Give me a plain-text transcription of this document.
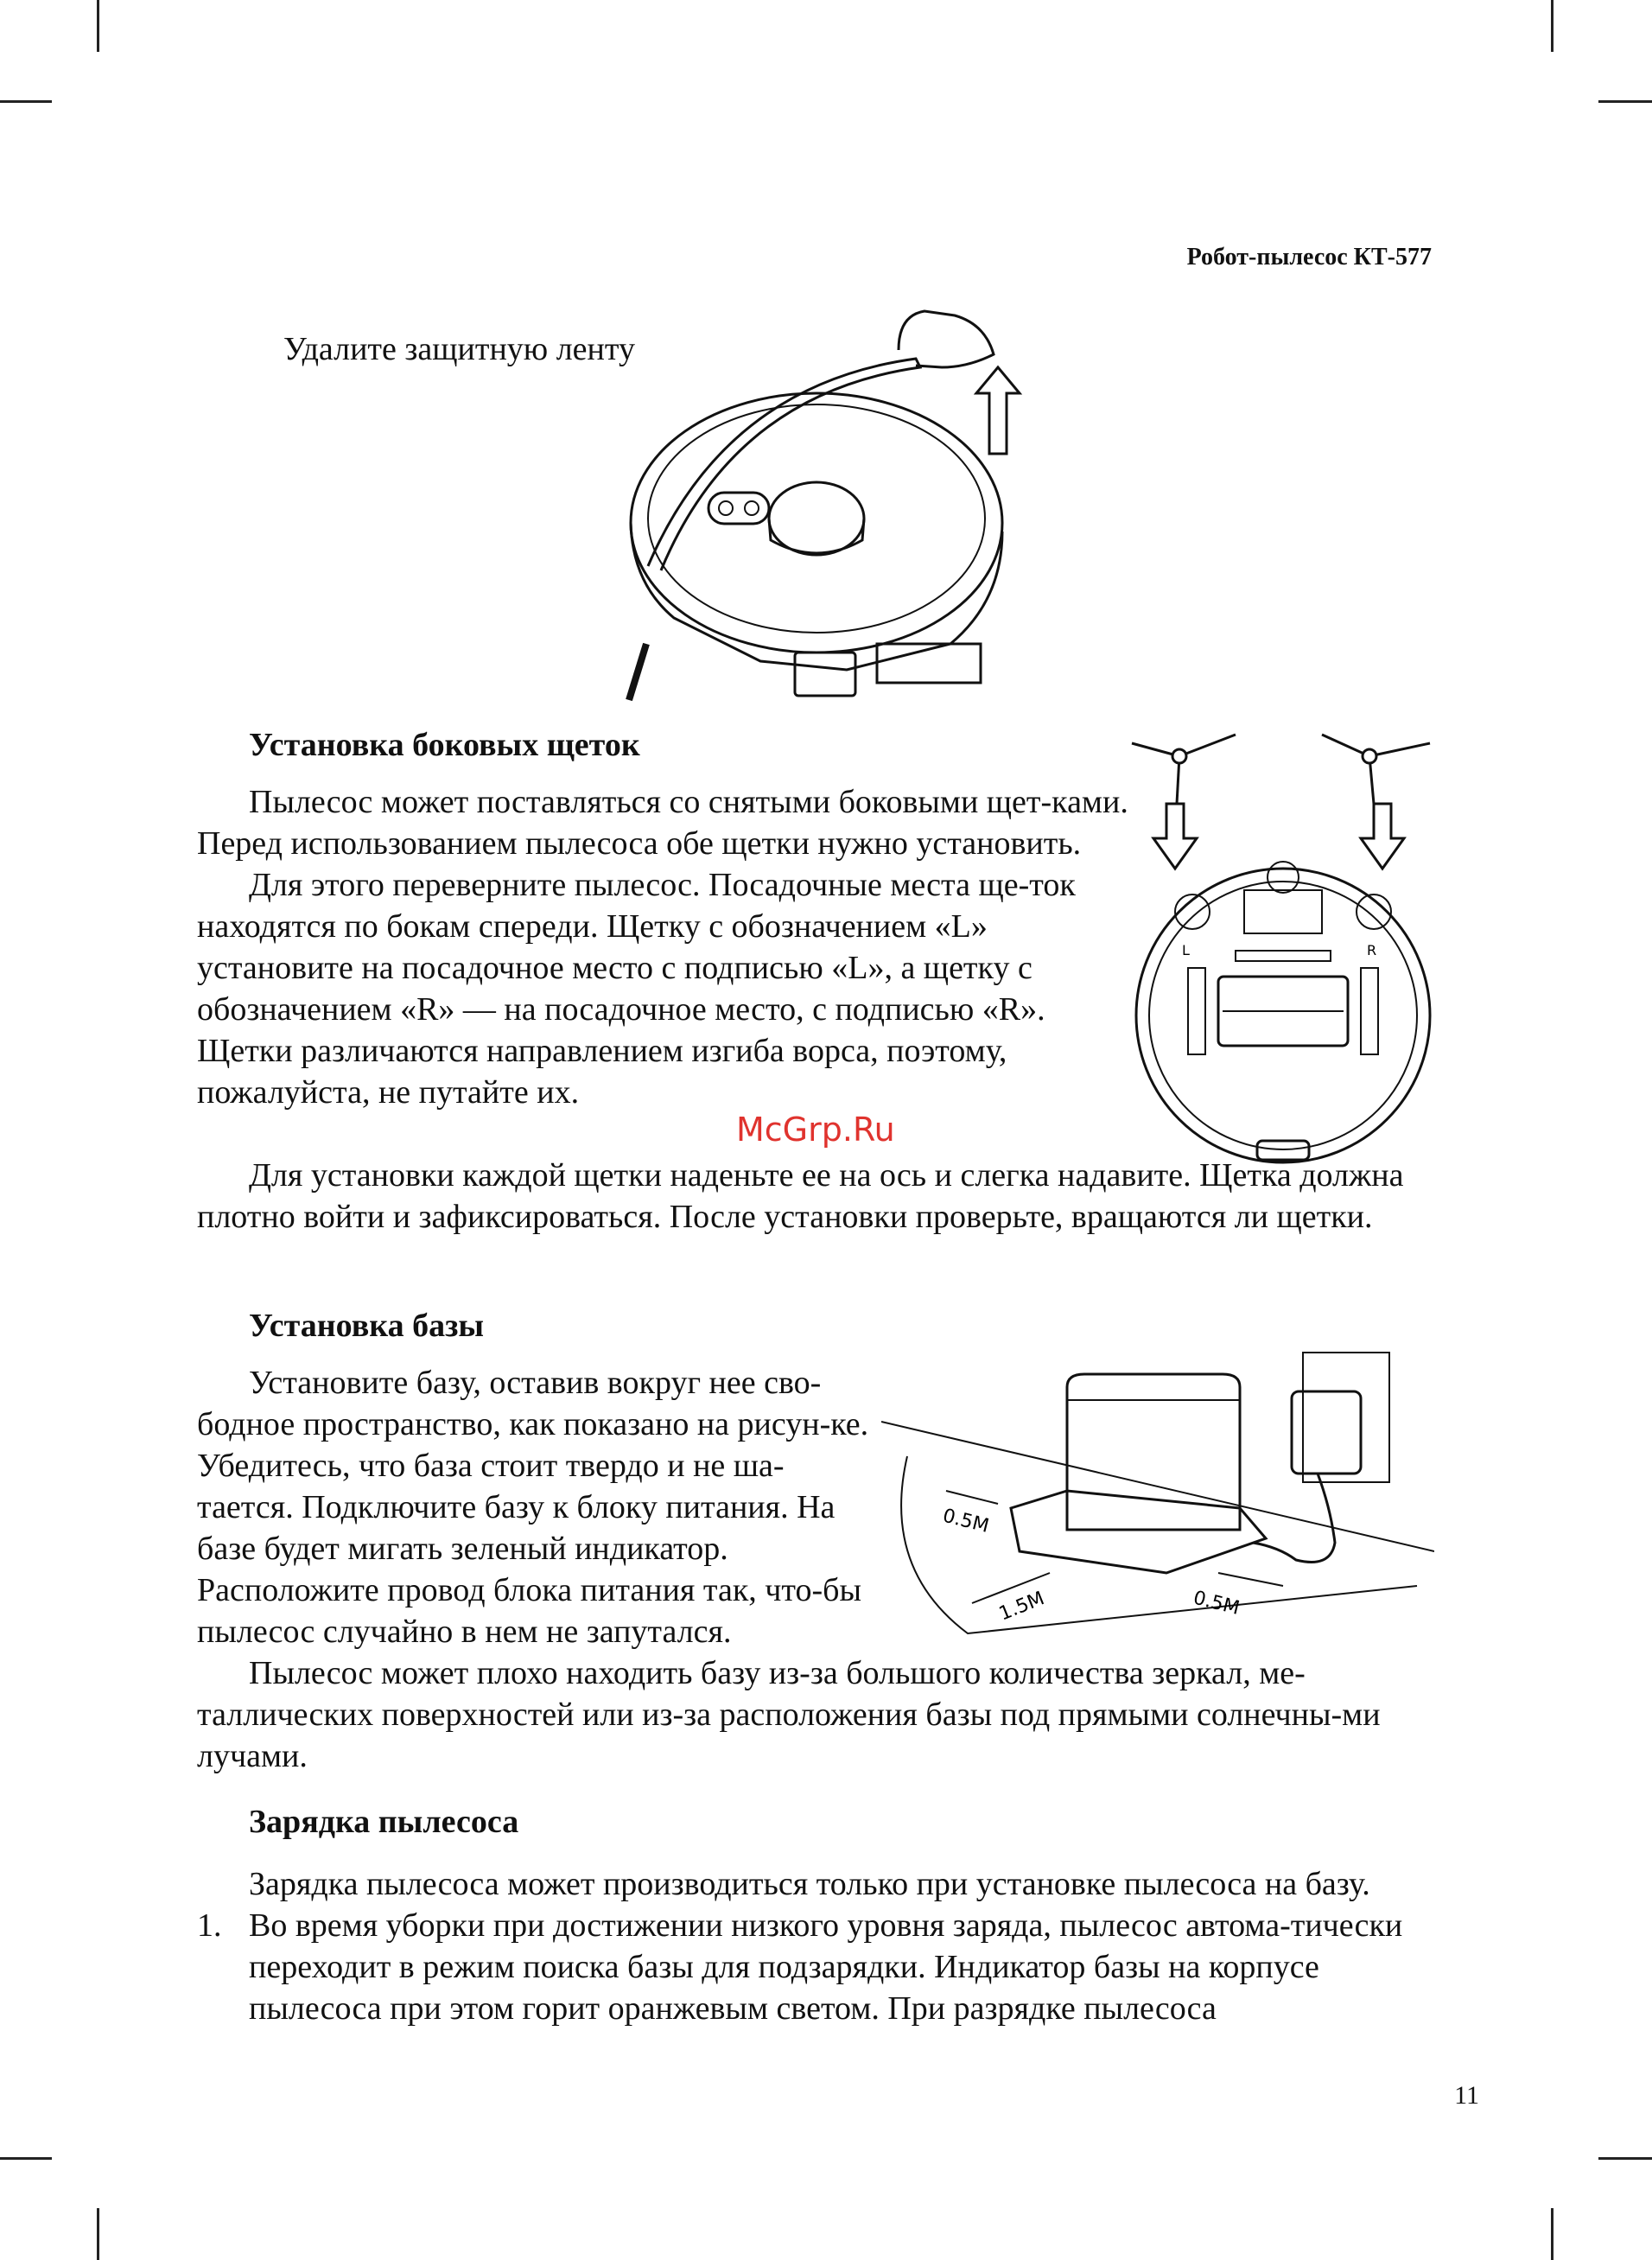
Робот-пылесос КТ-577
Удалите защитную ленту
Установка боковых щеток

Пылесос может поставляться со снятыми боковыми щет-ками. Перед использованием пылесоса обе щетки нужно установить.

Для этого переверните пылесос. Посадочные места ще-ток находятся по бокам спереди. Щетку с обозначением «L» установите на посадочное место с подписью «L», а щетку с обозначением «R» — на посадочное место, с подписью «R». Щетки различаются направлением изгиба ворса, поэтому, пожалуйста, не путайте их.

McGrp.Ru

Для установки каждой щетки наденьте ее на ось и слегка надавите. Щетка должна плотно войти и зафиксироваться. После установки проверьте, вращаются ли щетки.

L	R
Установка базы

Установите базу, оставив вокруг нее сво-бодное пространство, как показано на рисун-ке. Убедитесь, что база стоит твердо и не ша-тается. Подключите базу к блоку питания. На базе будет мигать зеленый индикатор. Расположите провод блока питания так, что-бы пылесос случайно в нем не запутался.

Пылесос может плохо находить базу из-за большого количества зеркал, ме-таллических поверхностей или из-за расположения базы под прямыми солнечны-ми лучами.

0.5M
1.5M	0.5M
Зарядка пылесоса

Зарядка пылесоса может производиться только при установке пылесоса на базу.

1. Во время уборки при достижении низкого уровня заряда, пылесос автома-тически переходит в режим поиска базы для подзарядки. Индикатор базы на корпусе пылесоса при этом горит оранжевым светом. При разрядке пылесоса
11
